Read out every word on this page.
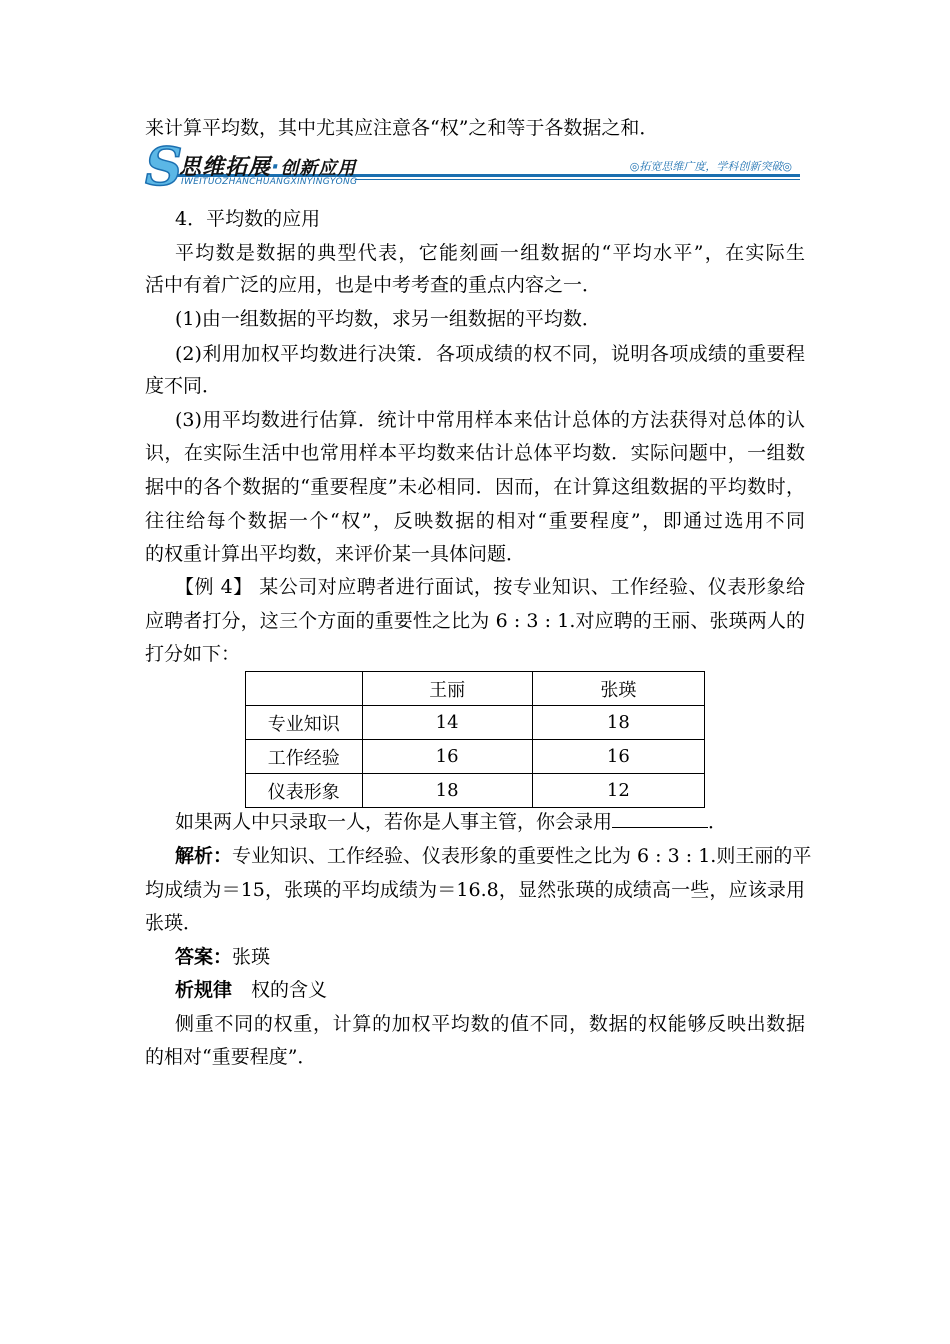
来计算平均数，其中尤其应注意各“权”之和等于各数据之和．
S
思维拓展·创新应用
IWEITUOZHANCHUANGXINYINGYONG
◎拓宽思维广度，学科创新突破◎
4．平均数的应用
平均数是数据的典型代表，它能刻画一组数据的“平均水平”，在实际生
活中有着广泛的应用，也是中考考查的重点内容之一．
(1)由一组数据的平均数，求另一组数据的平均数．
(2)利用加权平均数进行决策．各项成绩的权不同，说明各项成绩的重要程
度不同．
(3)用平均数进行估算．统计中常用样本来估计总体的方法获得对总体的认
识，在实际生活中也常用样本平均数来估计总体平均数．实际问题中，一组数
据中的各个数据的“重要程度”未必相同．因而，在计算这组数据的平均数时，
往往给每个数据一个“权”，反映数据的相对“重要程度”，即通过选用不同
的权重计算出平均数，来评价某一具体问题．
【例 4】 某公司对应聘者进行面试，按专业知识、工作经验、仪表形象给
应聘者打分，这三个方面的重要性之比为 6 : 3 : 1.对应聘的王丽、张瑛两人的
打分如下：
	王丽	张瑛
专业知识	14	18
工作经验	16	16
仪表形象	18	12
如果两人中只录取一人，若你是人事主管，你会录用	．
解析：专业知识、工作经验、仪表形象的重要性之比为 6 : 3 : 1.则王丽的平
均成绩为＝15，张瑛的平均成绩为＝16.8，显然张瑛的成绩高一些，应该录用
张瑛．
答案：张瑛
析规律　 权的含义
侧重不同的权重，计算的加权平均数的值不同，数据的权能够反映出数据
的相对“重要程度”．
